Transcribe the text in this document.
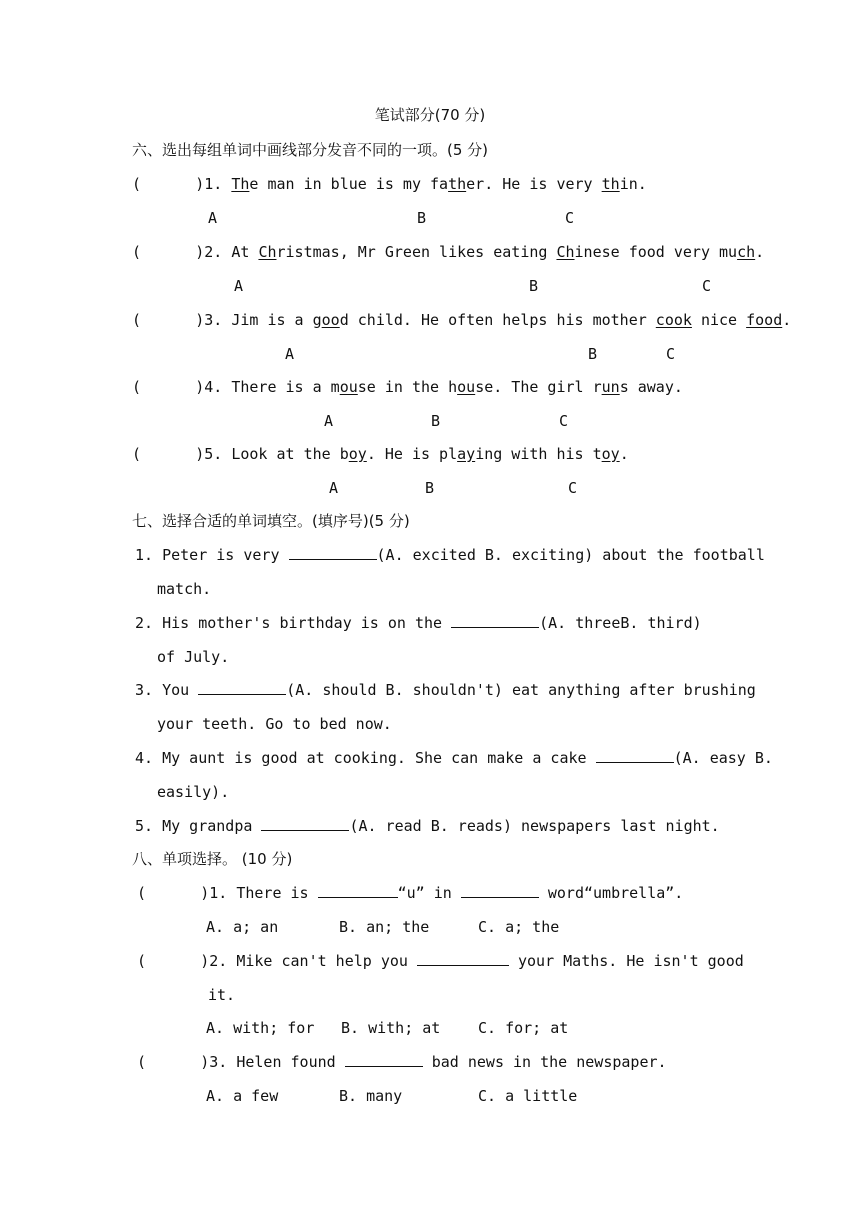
笔试部分(70 分)
六、选出每组单词中画线部分发音不同的一项。(5 分)
(      )1. The man in blue is my father. He is very thin.
A	B	C
(      )2. At Christmas, Mr Green likes eating Chinese food very much.
A	B	C
(      )3. Jim is a good child. He often helps his mother cook nice food.
A	B	C
(      )4. There is a mouse in the house. The girl runs away.
A	B	C
(      )5. Look at the boy. He is playing with his toy.
A	B	C
七、选择合适的单词填空。(填序号)(5 分)
1. Peter is very	(A. excited B. exciting) about the football
match.
2. His mother's birthday is on the	(A. threeB. third)
of July.
3. You	(A. should B. shouldn't) eat anything after brushing
your teeth. Go to bed now.
4. My aunt is good at cooking. She can make a cake	(A. easy B.
easily).
5. My grandpa	(A. read B. reads) newspapers last night.
八、单项选择。 (10 分)
(      )1. There is	“u” in	word“umbrella”.
A. a; an	B. an; the	C. a; the
(      )2. Mike can't help you	your Maths. He isn't good
it.
A. with; for B. with; at	C. for; at
(      )3. Helen found	bad news in the newspaper.
A. a few	B. many	C. a little
